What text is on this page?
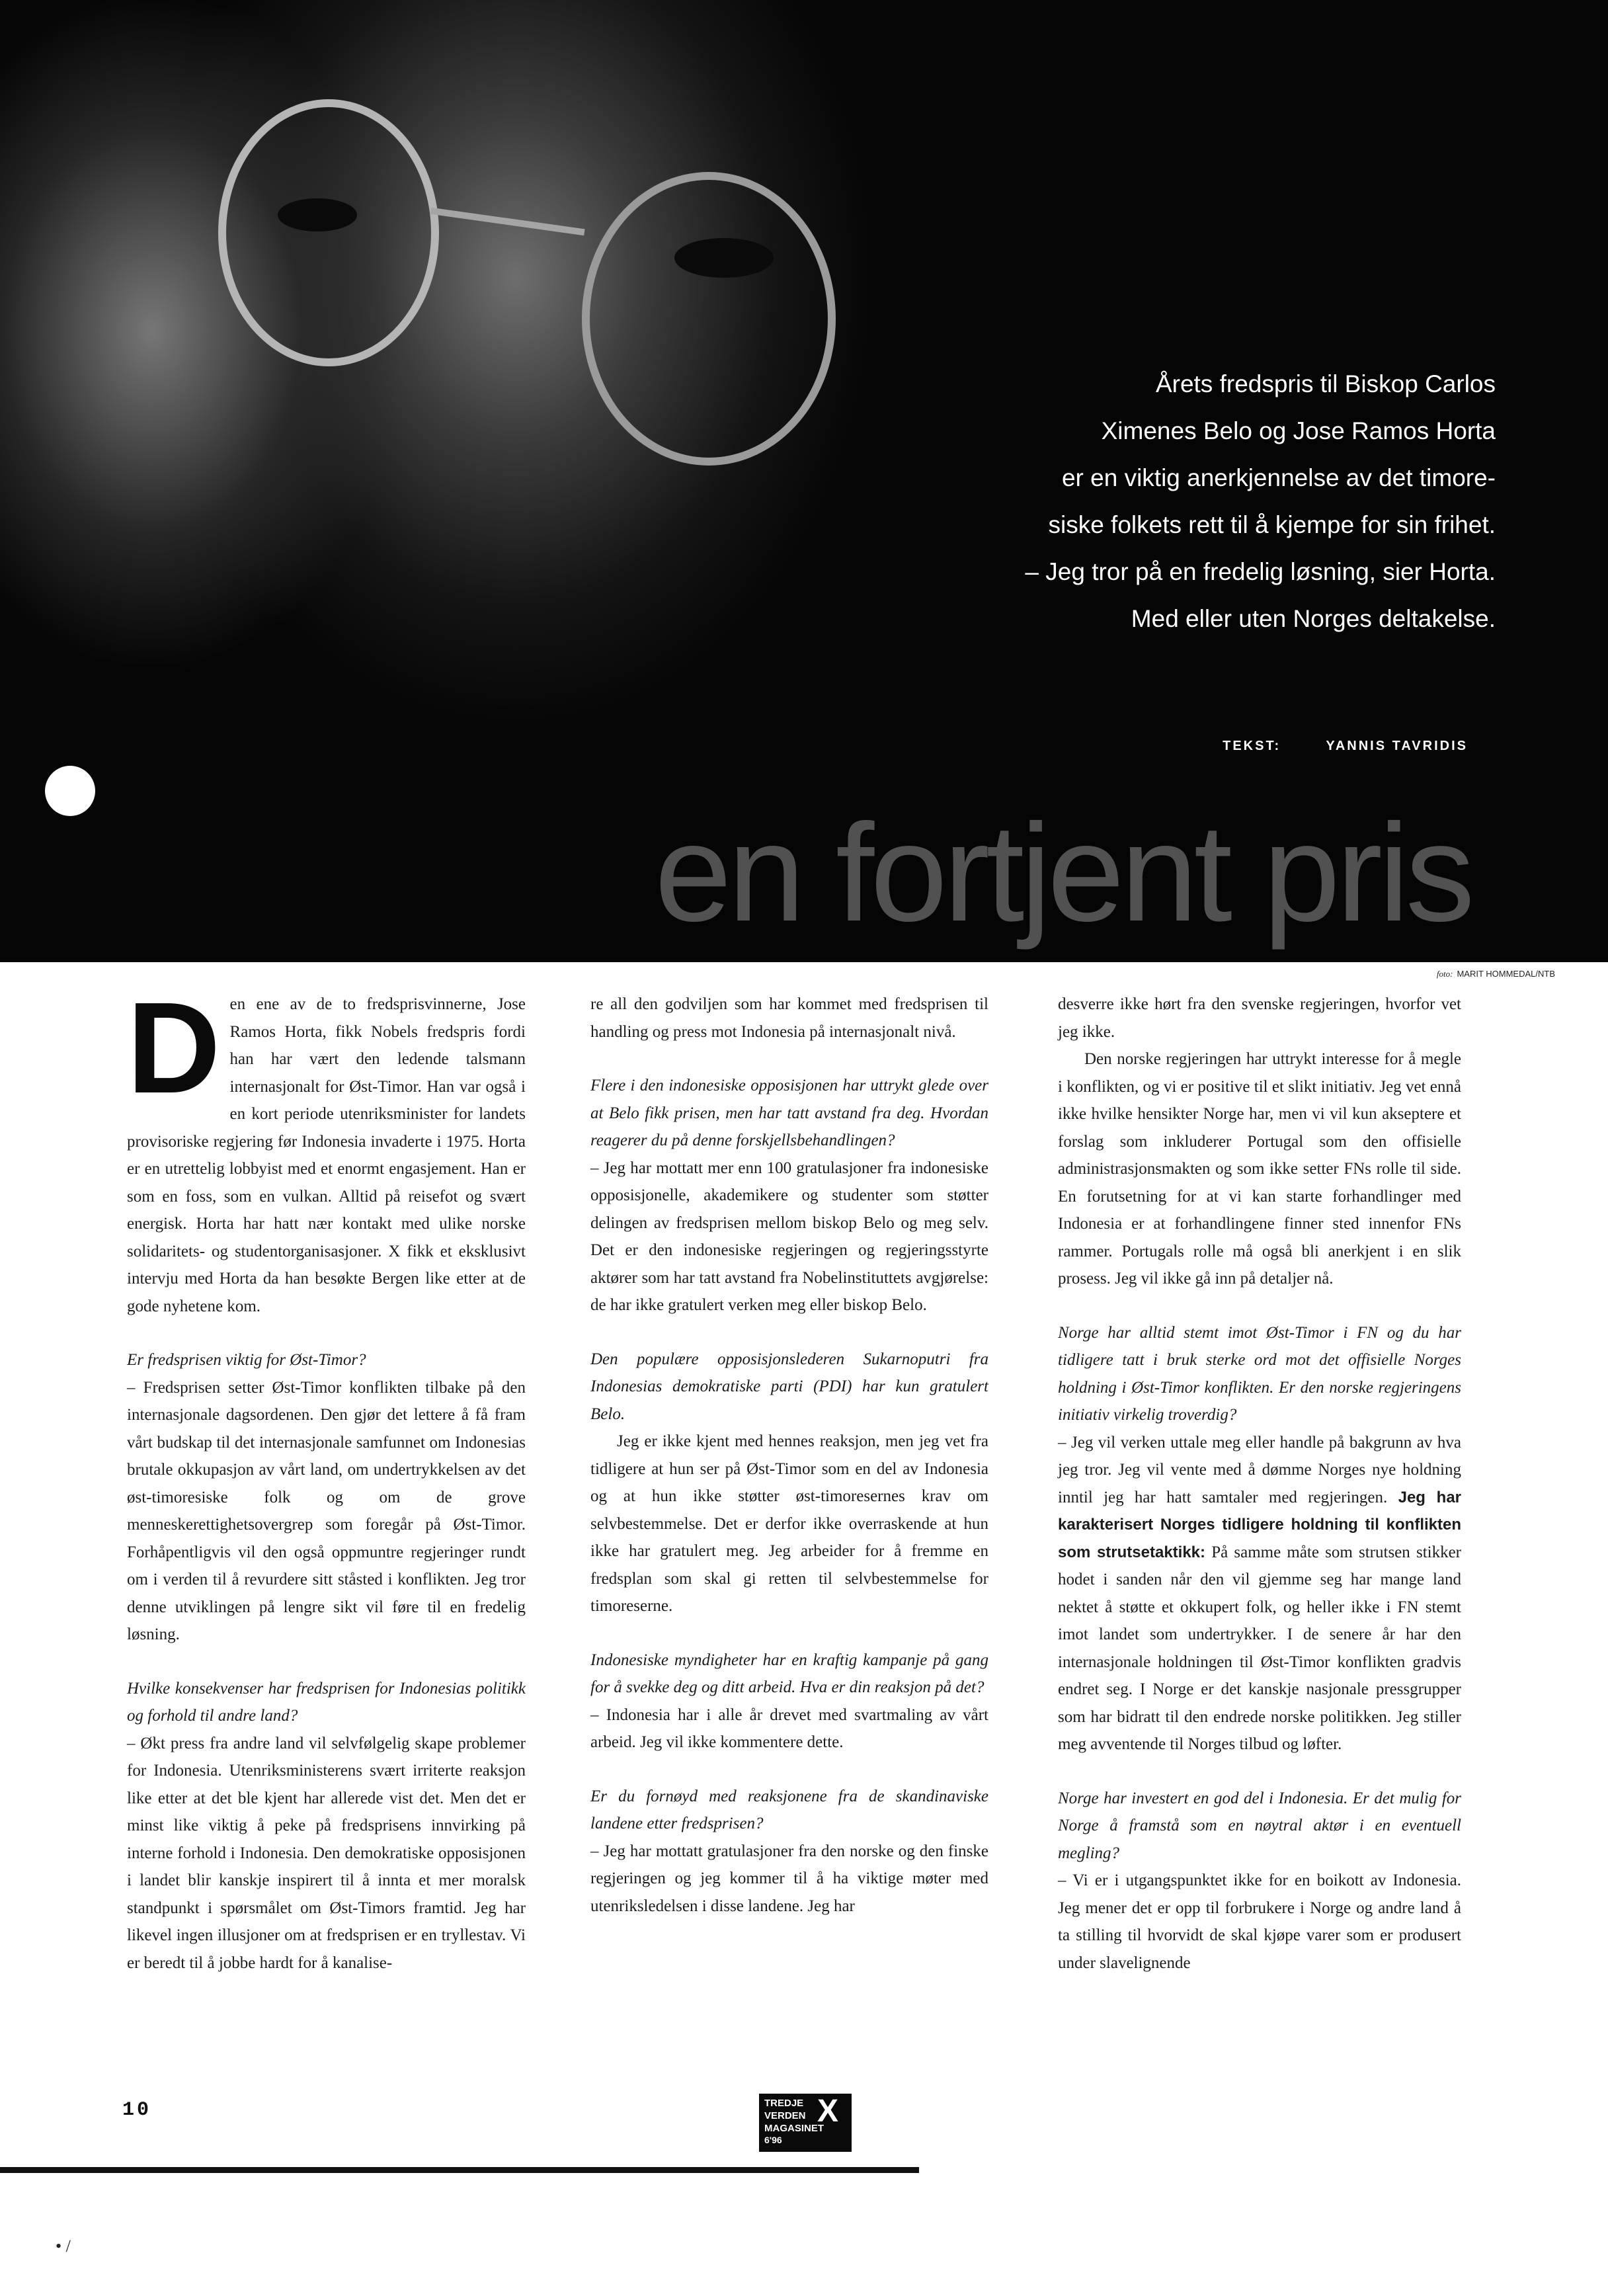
Årets fredspris til Biskop Carlos
Ximenes Belo og Jose Ramos Horta
er en viktig anerkjennelse av det timore-
siske folkets rett til å kjempe for sin frihet.
– Jeg tror på en fredelig løsning, sier Horta.
Med eller uten Norges deltakelse.
TEKST:	YANNIS TAVRIDIS
en fortjent pris
foto: MARIT HOMMEDAL/NTB

Den ene av de to fredsprisvinnerne, Jose Ramos Horta, fikk Nobels fredspris fordi han har vært den ledende talsmann internasjonalt for Øst-Timor. Han var også i en kort periode utenriksminister for landets provisoriske regjering før Indonesia invaderte i 1975. Horta er en utrettelig lobbyist med et enormt engasjement. Han er som en foss, som en vulkan. Alltid på reisefot og svært energisk. Horta har hatt nær kontakt med ulike norske solidaritets- og studentorganisasjoner. X fikk et eksklusivt intervju med Horta da han besøkte Bergen like etter at de gode nyhetene kom.

Er fredsprisen viktig for Øst-Timor?

– Fredsprisen setter Øst-Timor konflikten tilbake på den internasjonale dagsordenen. Den gjør det lettere å få fram vårt budskap til det internasjonale samfunnet om Indonesias brutale okkupasjon av vårt land, om undertrykkelsen av det øst-timoresiske folk og om de grove menneskerettighetsovergrep som foregår på Øst-Timor. Forhåpentligvis vil den også oppmuntre regjeringer rundt om i verden til å revurdere sitt ståsted i konflikten. Jeg tror denne utviklingen på lengre sikt vil føre til en fredelig løsning.

Hvilke konsekvenser har fredsprisen for Indonesias politikk og forhold til andre land?

– Økt press fra andre land vil selvfølgelig skape problemer for Indonesia. Utenriksministerens svært irriterte reaksjon like etter at det ble kjent har allerede vist det. Men det er minst like viktig å peke på fredsprisens innvirking på interne forhold i Indonesia. Den demokratiske opposisjonen i landet blir kanskje inspirert til å innta et mer moralsk standpunkt i spørsmålet om Øst-Timors framtid. Jeg har likevel ingen illusjoner om at fredsprisen er en tryllestav. Vi er beredt til å jobbe hardt for å kanalise-

re all den godviljen som har kommet med fredsprisen til handling og press mot Indonesia på internasjonalt nivå.

Flere i den indonesiske opposisjonen har uttrykt glede over at Belo fikk prisen, men har tatt avstand fra deg. Hvordan reagerer du på denne forskjellsbehandlingen?

– Jeg har mottatt mer enn 100 gratulasjoner fra indonesiske opposisjonelle, akademikere og studenter som støtter delingen av fredsprisen mellom biskop Belo og meg selv. Det er den indonesiske regjeringen og regjeringsstyrte aktører som har tatt avstand fra Nobelinstituttets avgjørelse: de har ikke gratulert verken meg eller biskop Belo.

Den populære opposisjonslederen Sukarnoputri fra Indonesias demokratiske parti (PDI) har kun gratulert Belo.

Jeg er ikke kjent med hennes reaksjon, men jeg vet fra tidligere at hun ser på Øst-Timor som en del av Indonesia og at hun ikke støtter øst-timoresernes krav om selvbestemmelse. Det er derfor ikke overraskende at hun ikke har gratulert meg. Jeg arbeider for å fremme en fredsplan som skal gi retten til selvbestemmelse for timoreserne.

Indonesiske myndigheter har en kraftig kampanje på gang for å svekke deg og ditt arbeid. Hva er din reaksjon på det?

– Indonesia har i alle år drevet med svartmaling av vårt arbeid. Jeg vil ikke kommentere dette.

Er du fornøyd med reaksjonene fra de skandinaviske landene etter fredsprisen?

– Jeg har mottatt gratulasjoner fra den norske og den finske regjeringen og jeg kommer til å ha viktige møter med utenriksledelsen i disse landene. Jeg har

desverre ikke hørt fra den svenske regjeringen, hvorfor vet jeg ikke.

Den norske regjeringen har uttrykt interesse for å megle i konflikten, og vi er positive til et slikt initiativ. Jeg vet ennå ikke hvilke hensikter Norge har, men vi vil kun akseptere et forslag som inkluderer Portugal som den offisielle administrasjonsmakten og som ikke setter FNs rolle til side. En forutsetning for at vi kan starte forhandlinger med Indonesia er at forhandlingene finner sted innenfor FNs rammer. Portugals rolle må også bli anerkjent i en slik prosess. Jeg vil ikke gå inn på detaljer nå.

Norge har alltid stemt imot Øst-Timor i FN og du har tidligere tatt i bruk sterke ord mot det offisielle Norges holdning i Øst-Timor konflikten. Er den norske regjeringens initiativ virkelig troverdig?

– Jeg vil verken uttale meg eller handle på bakgrunn av hva jeg tror. Jeg vil vente med å dømme Norges nye holdning inntil jeg har hatt samtaler med regjeringen. Jeg har karakterisert Norges tidligere holdning til konflikten som strutsetaktikk: På samme måte som strutsen stikker hodet i sanden når den vil gjemme seg har mange land nektet å støtte et okkupert folk, og heller ikke i FN stemt imot landet som undertrykker. I de senere år har den internasjonale holdningen til Øst-Timor konflikten gradvis endret seg. I Norge er det kanskje nasjonale pressgrupper som har bidratt til den endrede norske politikken. Jeg stiller meg avventende til Norges tilbud og løfter.

Norge har investert en god del i Indonesia. Er det mulig for Norge å framstå som en nøytral aktør i en eventuell megling?

– Vi er i utgangspunktet ikke for en boikott av Indonesia. Jeg mener det er opp til forbrukere i Norge og andre land å ta stilling til hvorvidt de skal kjøpe varer som er produsert under slavelignende

10	TREDJE
VERDEN
MAGASINET
X
6'96
• /
